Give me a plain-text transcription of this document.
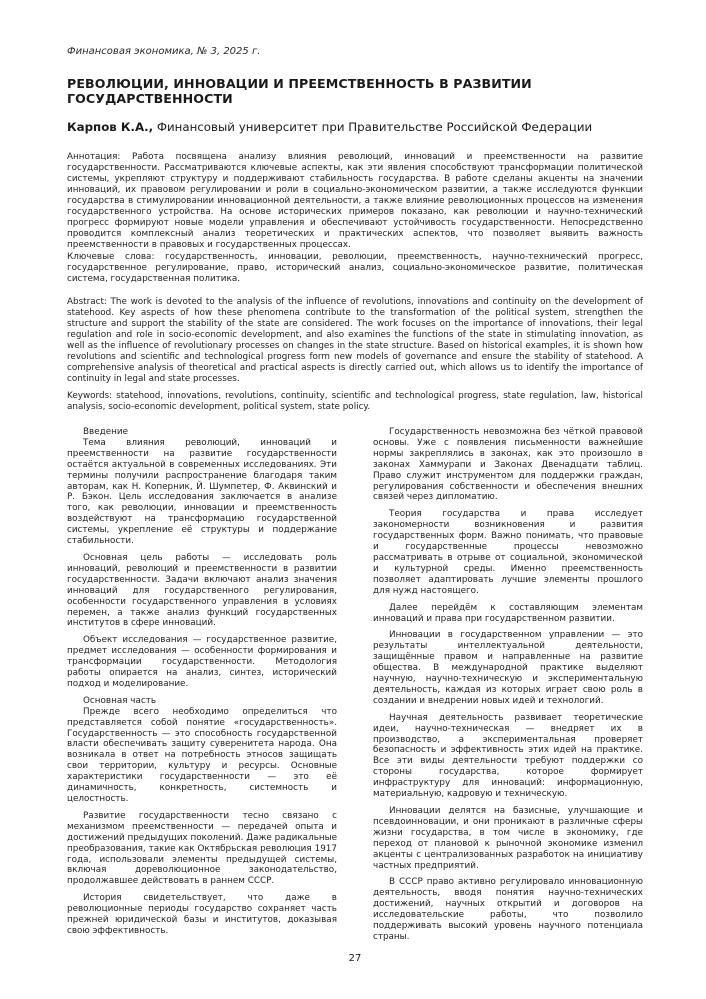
Финансовая экономика, № 3, 2025 г.
РЕВОЛЮЦИИ, ИННОВАЦИИ И ПРЕЕМСТВЕННОСТЬ В РАЗВИТИИ ГОСУДАРСТВЕННОСТИ
Карпов К.А., Финансовый университет при Правительстве Российской Федерации
Аннотация: Работа посвящена анализу влияния революций, инноваций и преемственности на развитие государственности. Рассматриваются ключевые аспекты, как эти явления способствуют трансформации политической системы, укрепляют структуру и поддерживают стабильность государства. В работе сделаны акценты на значении инноваций, их правовом регулировании и роли в социально-экономическом развитии, а также исследуются функции государства в стимулировании инновационной деятельности, а также влияние революционных процессов на изменения государственного устройства. На основе исторических примеров показано, как революции и научно-технический прогресс формируют новые модели управления и обеспечивают устойчивость государственности. Непосредственно проводится комплексный анализ теоретических и практических аспектов, что позволяет выявить важность преемственности в правовых и государственных процессах.
Ключевые слова: государственность, инновации, революции, преемственность, научно-технический прогресс, государственное регулирование, право, исторический анализ, социально-экономическое развитие, политическая система, государственная политика.
Abstract: The work is devoted to the analysis of the influence of revolutions, innovations and continuity on the development of statehood. Key aspects of how these phenomena contribute to the transformation of the political system, strengthen the structure and support the stability of the state are considered. The work focuses on the importance of innovations, their legal regulation and role in socio-economic development, and also examines the functions of the state in stimulating innovation, as well as the influence of revolutionary processes on changes in the state structure. Based on historical examples, it is shown how revolutions and scientific and technological progress form new models of governance and ensure the stability of statehood. A comprehensive analysis of theoretical and practical aspects is directly carried out, which allows us to identify the importance of continuity in legal and state processes.
Keywords: statehood, innovations, revolutions, continuity, scientific and technological progress, state regulation, law, historical analysis, socio-economic development, political system, state policy.

Введение

Тема влияния революций, инноваций и преемственности на развитие государственности остаётся актуальной в современных исследованиях. Эти термины получили распространение благодаря таким авторам, как Н. Коперник, Й. Шумпетер, Ф. Аквинский и Р. Бэкон. Цель исследования заключается в анализе того, как революции, инновации и преемственность воздействуют на трансформацию государственной системы, укрепление её структуры и поддержание стабильности.

Основная цель работы — исследовать роль инноваций, революций и преемственности в развитии государственности. Задачи включают анализ значения инноваций для государственного регулирования, особенности государственного управления в условиях перемен, а также анализ функций государственных институтов в сфере инноваций.

Объект исследования — государственное развитие, предмет исследования — особенности формирования и трансформации государственности. Методология работы опирается на анализ, синтез, исторический подход и моделирование.

Основная часть

Прежде всего необходимо определиться что представляется собой понятие «государственность». Государственность — это способность государственной власти обеспечивать защиту суверенитета народа. Она возникала в ответ на потребность этносов защищать свои территории, культуру и ресурсы. Основные характеристики государственности — это её динамичность, конкретность, системность и целостность.

Развитие государственности тесно связано с механизмом преемственности — передачей опыта и достижений предыдущих поколений. Даже радикальные преобразования, такие как Октябрьская революция 1917 года, использовали элементы предыдущей системы, включая дореволюционное законодательство, продолжавшее действовать в раннем СССР.

История свидетельствует, что даже в революционные периоды государство сохраняет часть прежней юридической базы и институтов, доказывая свою эффективность.

Государственность невозможна без чёткой правовой основы. Уже с появления письменности важнейшие нормы закреплялись в законах, как это произошло в законах Хаммурапи и Законах Двенадцати таблиц. Право служит инструментом для поддержки граждан, регулирования собственности и обеспечения внешних связей через дипломатию.

Теория государства и права исследует закономерности возникновения и развития государственных форм. Важно понимать, что правовые и государственные процессы невозможно рассматривать в отрыве от социальной, экономической и культурной среды. Именно преемственность позволяет адаптировать лучшие элементы прошлого для нужд настоящего.

Далее перейдём к составляющим элементам инноваций и права при государственном развитии.

Инновации в государственном управлении — это результаты интеллектуальной деятельности, защищённые правом и направленные на развитие общества. В международной практике выделяют научную, научно-техническую и экспериментальную деятельность, каждая из которых играет свою роль в создании и внедрении новых идей и технологий.

Научная деятельность развивает теоретические идеи, научно-техническая — внедряет их в производство, а экспериментальная проверяет безопасность и эффективность этих идей на практике. Все эти виды деятельности требуют поддержки со стороны государства, которое формирует инфраструктуру для инноваций: информационную, материальную, кадровую и техническую.

Инновации делятся на базисные, улучшающие и псевдоинновации, и они проникают в различные сферы жизни государства, в том числе в экономику, где переход от плановой к рыночной экономике изменил акценты с централизованных разработок на инициативу частных предприятий.

В СССР право активно регулировало инновационную деятельность, вводя понятия научно-технических достижений, научных открытий и договоров на исследовательские работы, что позволило поддерживать высокий уровень научного потенциала страны.

27
